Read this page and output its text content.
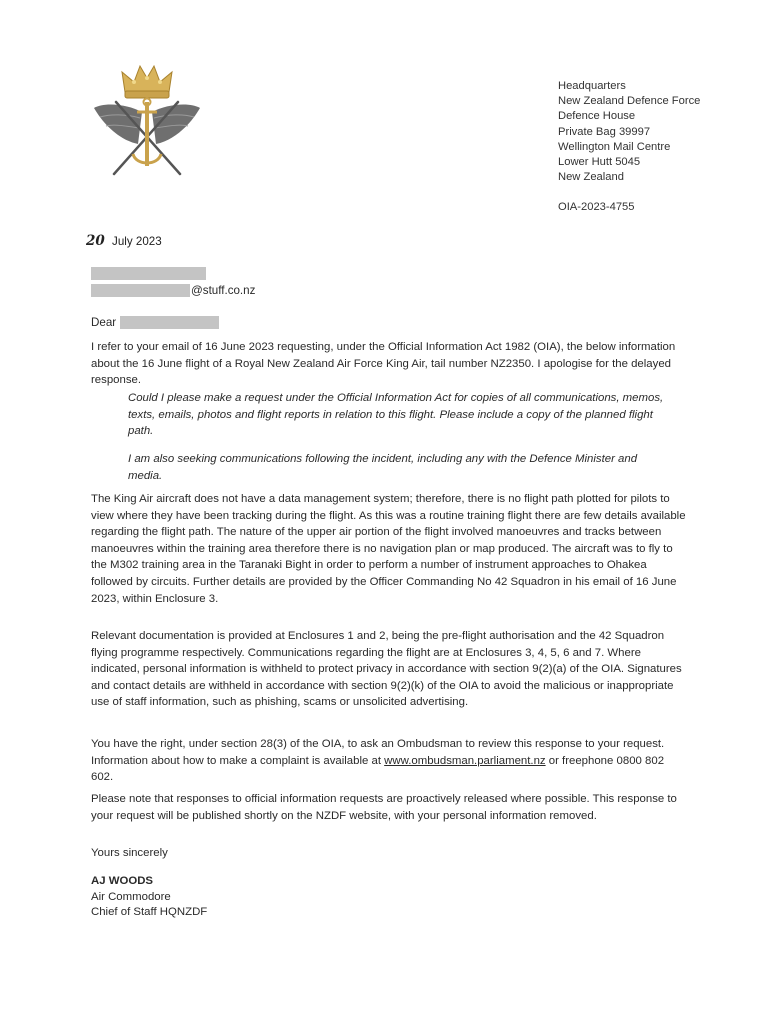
Headquarters
New Zealand Defence Force
Defence House
Private Bag 39997
Wellington Mail Centre
Lower Hutt 5045
New Zealand
OIA-2023-4755
20 July 2023
@stuff.co.nz
Dear
I refer to your email of 16 June 2023 requesting, under the Official Information Act 1982 (OIA), the below information about the 16 June flight of a Royal New Zealand Air Force King Air, tail number NZ2350. I apologise for the delayed response.
Could I please make a request under the Official Information Act for copies of all communications, memos, texts, emails, photos and flight reports in relation to this flight. Please include a copy of the planned flight path.
I am also seeking communications following the incident, including any with the Defence Minister and media.
The King Air aircraft does not have a data management system; therefore, there is no flight path plotted for pilots to view where they have been tracking during the flight. As this was a routine training flight there are few details available regarding the flight path. The nature of the upper air portion of the flight involved manoeuvres and tracks between manoeuvres within the training area therefore there is no navigation plan or map produced. The aircraft was to fly to the M302 training area in the Taranaki Bight in order to perform a number of instrument approaches to Ohakea followed by circuits. Further details are provided by the Officer Commanding No 42 Squadron in his email of 16 June 2023, within Enclosure 3.
Relevant documentation is provided at Enclosures 1 and 2, being the pre-flight authorisation and the 42 Squadron flying programme respectively. Communications regarding the flight are at Enclosures 3, 4, 5, 6 and 7. Where indicated, personal information is withheld to protect privacy in accordance with section 9(2)(a) of the OIA. Signatures and contact details are withheld in accordance with section 9(2)(k) of the OIA to avoid the malicious or inappropriate use of staff information, such as phishing, scams or unsolicited advertising.
You have the right, under section 28(3) of the OIA, to ask an Ombudsman to review this response to your request. Information about how to make a complaint is available at www.ombudsman.parliament.nz or freephone 0800 802 602.
Please note that responses to official information requests are proactively released where possible. This response to your request will be published shortly on the NZDF website, with your personal information removed.
Yours sincerely
AJ WOODS
Air Commodore
Chief of Staff HQNZDF
